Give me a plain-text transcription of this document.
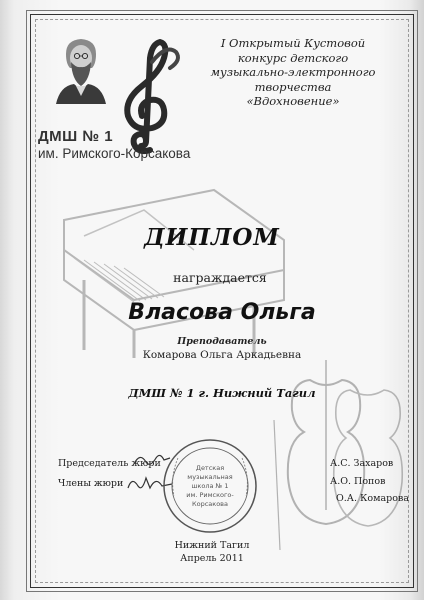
I Открытый Кустовой
конкурс детского
музыкально-электронного
творчества
«Вдохновение»
ДМШ № 1
им. Римского-Корсакова
ДИПЛОМ
награждается
Власова Ольга
Преподаватель
Комарова Ольга Аркадьевна
ДМШ № 1 г. Нижний Тагил
Председатель жюри
Члены жюри
А.С. Захаров
А.О. Попов
О.А. Комарова
Детская
музыкальная
школа № 1
им. Римского-
Корсакова
Нижний Тагил
Апрель 2011
